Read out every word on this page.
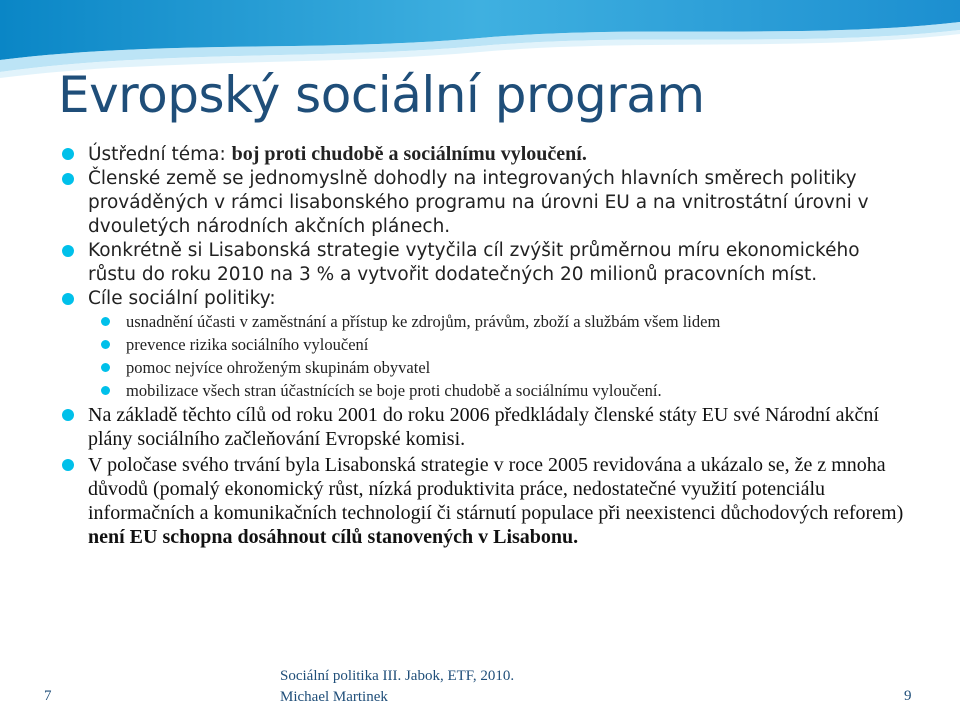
Evropský sociální program

Ústřední téma: boj proti chudobě a sociálnímu vyloučení.

Členské země se jednomyslně dohodly na integrovaných hlavních směrech politiky prováděných v rámci lisabonského programu na úrovni EU a na vnitrostátní úrovni v dvouletých národních akčních plánech.

Konkrétně si Lisabonská strategie vytyčila cíl zvýšit průměrnou míru ekonomického růstu do roku 2010 na 3 % a vytvořit dodatečných 20 milionů pracovních míst.

Cíle sociální politiky:

usnadnění účasti v zaměstnání a přístup ke zdrojům, právům, zboží a službám všem lidem

prevence rizika sociálního vyloučení

pomoc nejvíce ohroženým skupinám obyvatel

mobilizace všech stran účastnících se boje proti chudobě a sociálnímu vyloučení.

Na základě těchto cílů od roku 2001 do roku 2006 předkládaly členské státy EU své Národní akční plány sociálního začleňování Evropské komisi.

V poločase svého trvání byla Lisabonská strategie v roce 2005 revidována a ukázalo se, že z mnoha důvodů (pomalý ekonomický růst, nízká produktivita práce, nedostatečné využití potenciálu informačních a komunikačních technologií či stárnutí populace při neexistenci důchodových reforem) není EU schopna dosáhnout cílů stanovených v Lisabonu.

Sociální politika III. Jabok, ETF, 2010.
Michael Martinek
7	9
